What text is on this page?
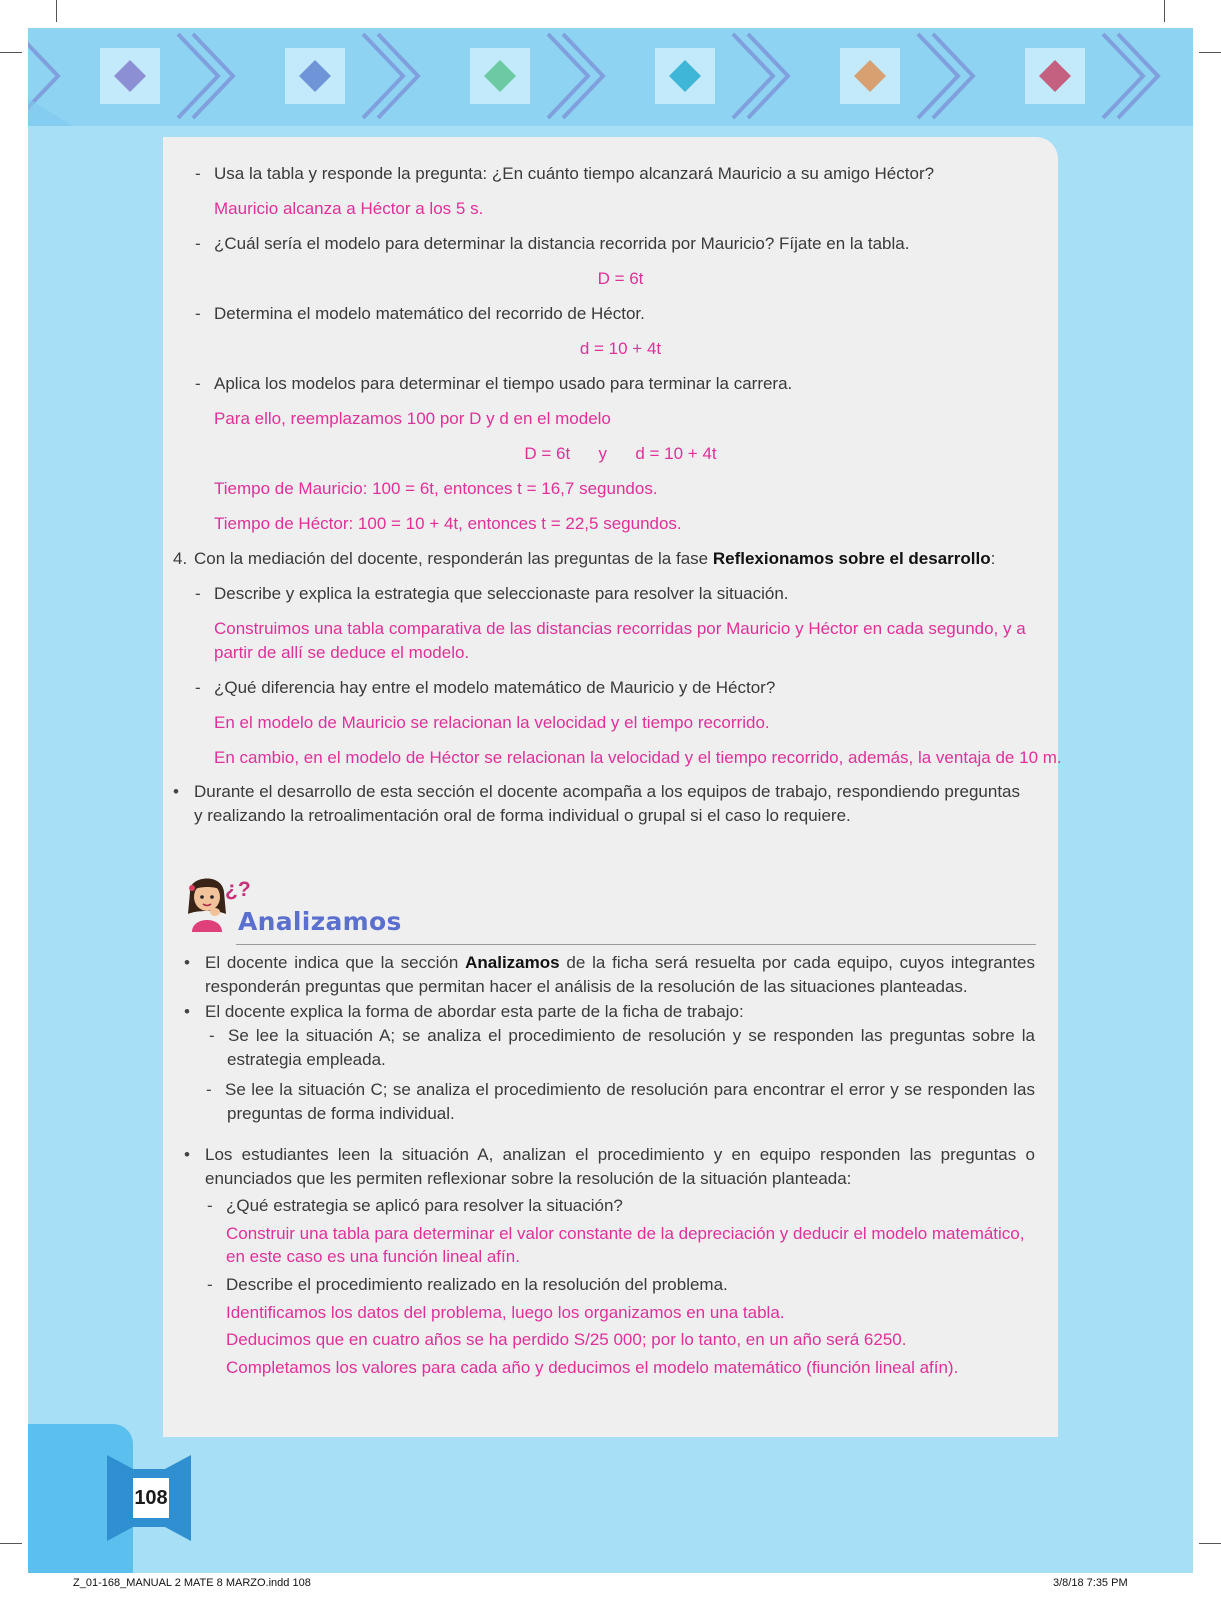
- Usa la tabla y responde la pregunta: ¿En cuánto tiempo alcanzará Mauricio a su amigo Héctor?
Mauricio alcanza a Héctor a los 5 s.
- ¿Cuál sería el modelo para determinar la distancia recorrida por Mauricio? Fíjate en la tabla.
D = 6t
- Determina el modelo matemático del recorrido de Héctor.
d = 10 + 4t
- Aplica los modelos para determinar el tiempo usado para terminar la carrera.
Para ello, reemplazamos 100 por D y d en el modelo
D = 6t      y      d = 10 + 4t
Tiempo de Mauricio: 100 = 6t, entonces t = 16,7 segundos.
Tiempo de Héctor: 100 = 10 + 4t, entonces t = 22,5 segundos.
4. Con la mediación del docente, responderán las preguntas de la fase Reflexionamos sobre el desarrollo:
- Describe y explica la estrategia que seleccionaste para resolver la situación.
Construimos una tabla comparativa de las distancias recorridas por Mauricio y Héctor en cada segundo, y a
partir de allí se deduce el modelo.
- ¿Qué diferencia hay entre el modelo matemático de Mauricio y de Héctor?
En el modelo de Mauricio se relacionan la velocidad y el tiempo recorrido.
En cambio, en el modelo de Héctor se relacionan la velocidad y el tiempo recorrido, además, la ventaja de 10 m.
• Durante el desarrollo de esta sección el docente acompaña a los equipos de trabajo, respondiendo preguntas
y realizando la retroalimentación oral de forma individual o grupal si el caso lo requiere.
¿?
Analizamos
• El docente indica que la sección Analizamos de la ficha será resuelta por cada equipo, cuyos integrantes
responderán preguntas que permitan hacer el análisis de la resolución de las situaciones planteadas.
• El docente explica la forma de abordar esta parte de la ficha de trabajo:
- Se lee la situación A; se analiza el procedimiento de resolución y se responden las preguntas sobre la
estrategia empleada.
- Se lee la situación C; se analiza el procedimiento de resolución para encontrar el error y se responden las
preguntas de forma individual.
• Los estudiantes leen la situación A, analizan el procedimiento y en equipo responden las preguntas o
enunciados que les permiten reflexionar sobre la resolución de la situación planteada:
- ¿Qué estrategia se aplicó para resolver la situación?
Construir una tabla para determinar el valor constante de la depreciación y deducir el modelo matemático,
en este caso es una función lineal afín.
- Describe el procedimiento realizado en la resolución del problema.
Identificamos los datos del problema, luego los organizamos en una tabla.
Deducimos que en cuatro años se ha perdido S/25 000; por lo tanto, en un año será 6250.
Completamos los valores para cada año y deducimos el modelo matemático (fiunción lineal afín).
108
Z_01-168_MANUAL 2 MATE 8 MARZO.indd 108	3/8/18 7:35 PM
